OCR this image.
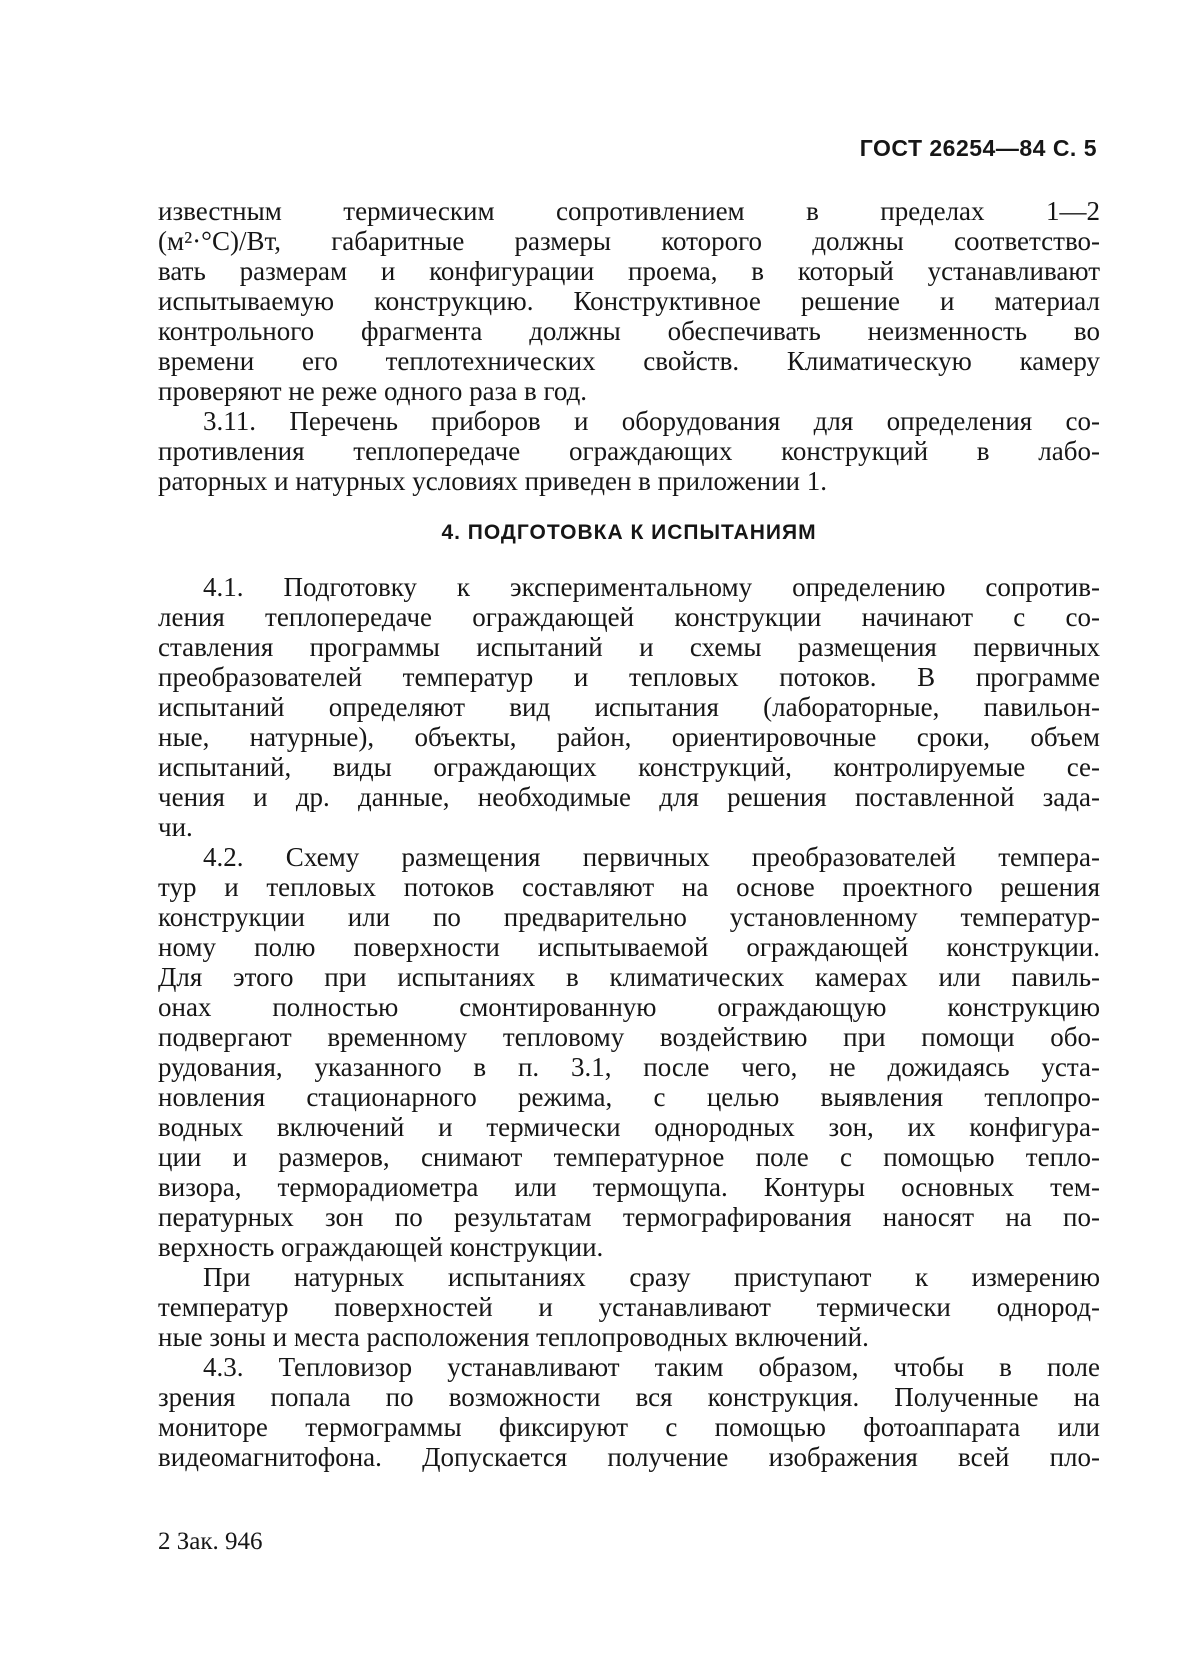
ГОСТ 26254—84 С. 5
известным термическим сопротивлением в пределах 1—2
(м²·°С)/Вт, габаритные размеры которого должны соответство-
вать размерам и конфигурации проема, в который устанавливают
испытываемую конструкцию. Конструктивное решение и материал
контрольного фрагмента должны обеспечивать неизменность во
времени его теплотехнических свойств. Климатическую камеру
проверяют не реже одного раза в год.
3.11. Перечень приборов и оборудования для определения со-
противления теплопередаче ограждающих конструкций в лабо-
раторных и натурных условиях приведен в приложении 1.
4. ПОДГОТОВКА К ИСПЫТАНИЯМ
4.1. Подготовку к экспериментальному определению сопротив-
ления теплопередаче ограждающей конструкции начинают с со-
ставления программы испытаний и схемы размещения первичных
преобразователей температур и тепловых потоков. В программе
испытаний определяют вид испытания (лабораторные, павильон-
ные, натурные), объекты, район, ориентировочные сроки, объем
испытаний, виды ограждающих конструкций, контролируемые се-
чения и др. данные, необходимые для решения поставленной зада-
чи.
4.2. Схему размещения первичных преобразователей темпера-
тур и тепловых потоков составляют на основе проектного решения
конструкции или по предварительно установленному температур-
ному полю поверхности испытываемой ограждающей конструкции.
Для этого при испытаниях в климатических камерах или павиль-
онах полностью смонтированную ограждающую конструкцию
подвергают временному тепловому воздействию при помощи обо-
рудования, указанного в п. 3.1, после чего, не дожидаясь уста-
новления стационарного режима, с целью выявления теплопро-
водных включений и термически однородных зон, их конфигура-
ции и размеров, снимают температурное поле с помощью тепло-
визора, терморадиометра или термощупа. Контуры основных тем-
пературных зон по результатам термографирования наносят на по-
верхность ограждающей конструкции.
При натурных испытаниях сразу приступают к измерению
температур поверхностей и устанавливают термически однород-
ные зоны и места расположения теплопроводных включений.
4.3. Тепловизор устанавливают таким образом, чтобы в поле
зрения попала по возможности вся конструкция. Полученные на
мониторе термограммы фиксируют с помощью фотоаппарата или
видеомагнитофона. Допускается получение изображения всей пло-
2 Зак. 946
